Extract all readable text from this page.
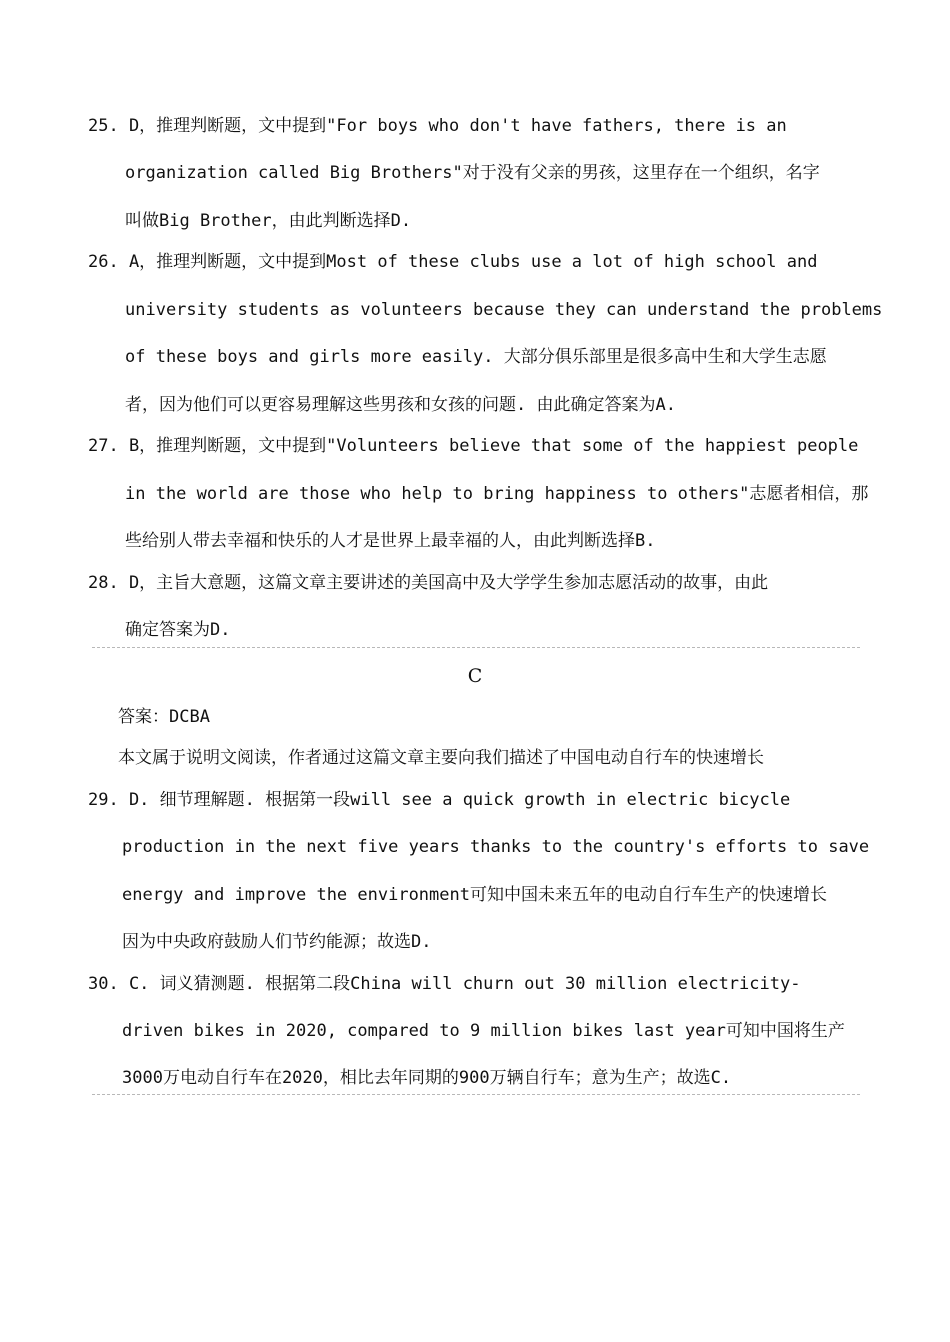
25. D，推理判断题，文中提到"For boys who don't have fathers, there is an
organization called Big Brothers"对于没有父亲的男孩，这里存在一个组织，名字
叫做Big Brother，由此判断选择D.
26. A，推理判断题，文中提到Most of these clubs use a lot of high school and
university students as volunteers because they can understand the problems
of these boys and girls more easily. 大部分俱乐部里是很多高中生和大学生志愿
者，因为他们可以更容易理解这些男孩和女孩的问题. 由此确定答案为A.
27. B，推理判断题，文中提到"Volunteers believe that some of the happiest people
in the world are those who help to bring happiness to others"志愿者相信，那
些给别人带去幸福和快乐的人才是世界上最幸福的人，由此判断选择B.
28. D，主旨大意题，这篇文章主要讲述的美国高中及大学学生参加志愿活动的故事，由此
确定答案为D.
C
答案：DCBA
本文属于说明文阅读，作者通过这篇文章主要向我们描述了中国电动自行车的快速增长
29. D. 细节理解题. 根据第一段will see a quick growth in electric bicycle
production in the next five years thanks to the country's efforts to save
energy and improve the environment可知中国未来五年的电动自行车生产的快速增长
因为中央政府鼓励人们节约能源；故选D.
30. C. 词义猜测题. 根据第二段China will churn out 30 million electricity-
driven bikes in 2020, compared to 9 million bikes last year可知中国将生产
3000万电动自行车在2020，相比去年同期的900万辆自行车；意为生产；故选C.
